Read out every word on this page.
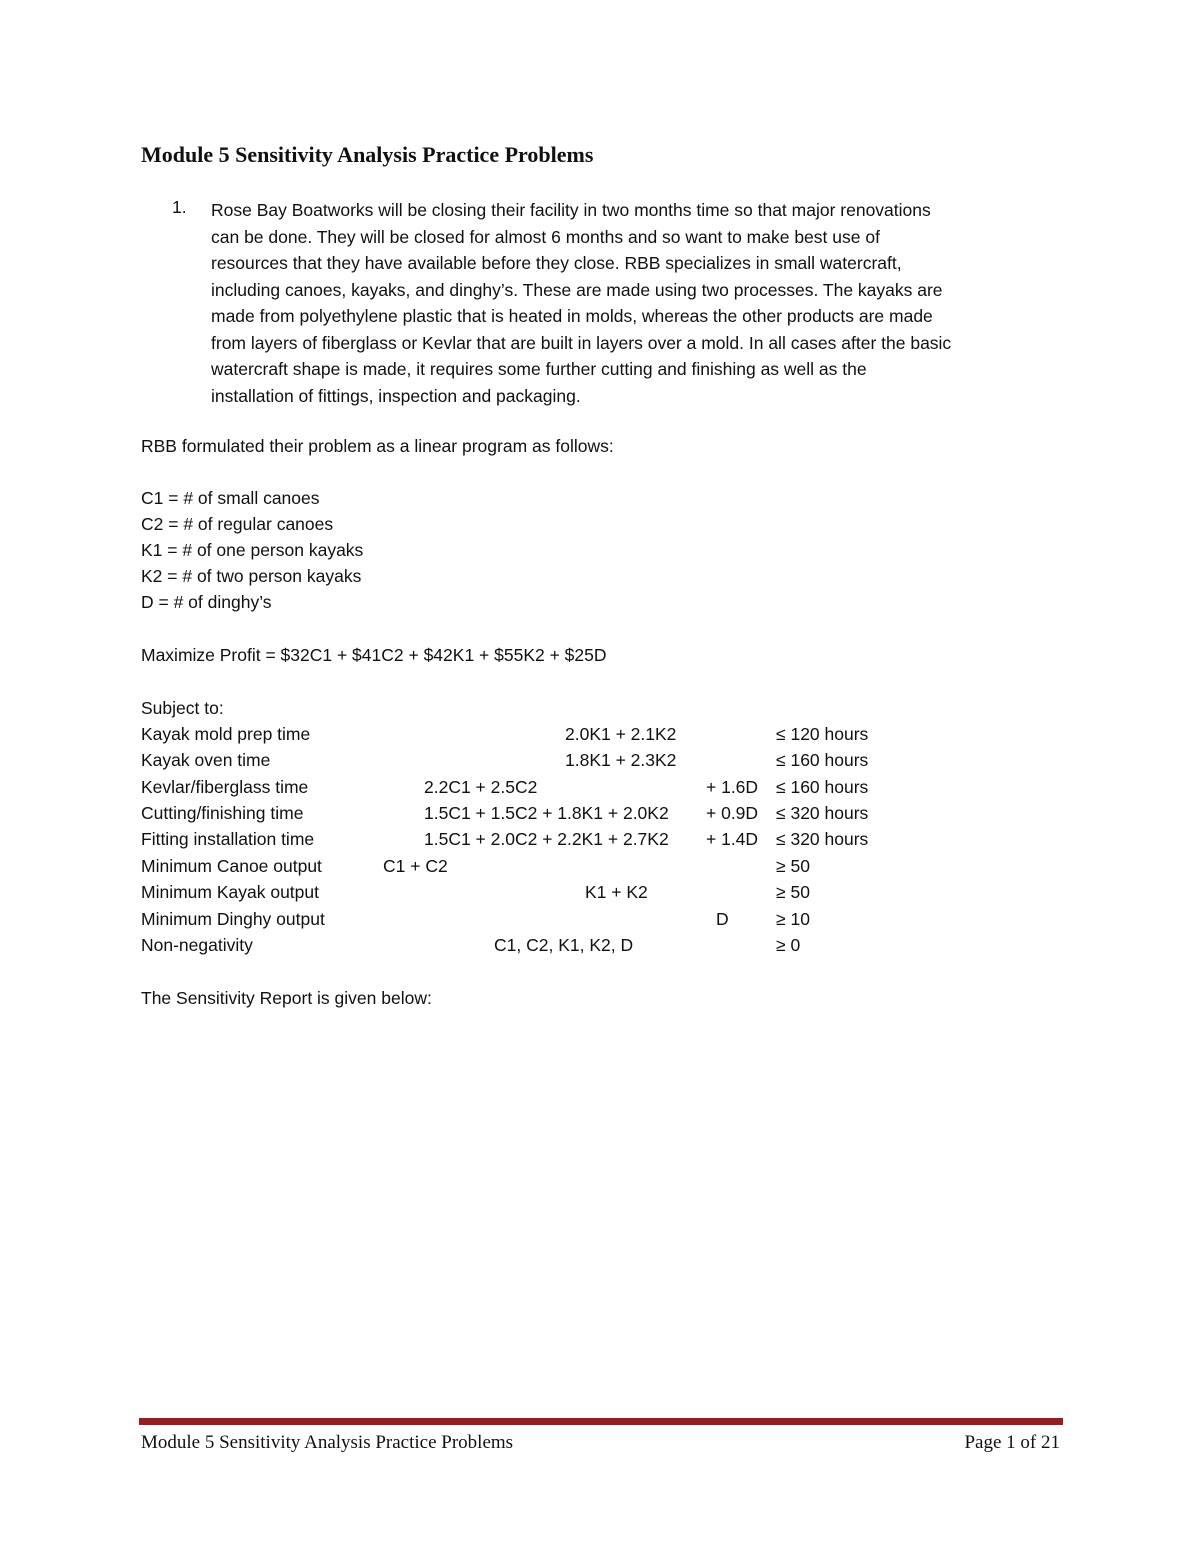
Module 5 Sensitivity Analysis Practice Problems
1. Rose Bay Boatworks will be closing their facility in two months time so that major renovations
can be done. They will be closed for almost 6 months and so want to make best use of
resources that they have available before they close. RBB specializes in small watercraft,
including canoes, kayaks, and dinghy’s. These are made using two processes. The kayaks are
made from polyethylene plastic that is heated in molds, whereas the other products are made
from layers of fiberglass or Kevlar that are built in layers over a mold. In all cases after the basic
watercraft shape is made, it requires some further cutting and finishing as well as the
installation of fittings, inspection and packaging.
RBB formulated their problem as a linear program as follows:
C1 = # of small canoes
C2 = # of regular canoes
K1 = # of one person kayaks
K2 = # of two person kayaks
D = # of dinghy’s
Maximize Profit = $32C1 + $41C2 + $42K1 + $55K2 + $25D
Subject to:
Kayak mold prep time	2.0K1 + 2.1K2	≤ 120 hours
Kayak oven time	1.8K1 + 2.3K2	≤ 160 hours
Kevlar/fiberglass time	2.2C1 + 2.5C2	+ 1.6D ≤ 160 hours
Cutting/finishing time	1.5C1 + 1.5C2 + 1.8K1 + 2.0K2 + 0.9D ≤ 320 hours
Fitting installation time	1.5C1 + 2.0C2 + 2.2K1 + 2.7K2 + 1.4D ≤ 320 hours
Minimum Canoe output	C1 + C2	≥ 50
Minimum Kayak output	K1 + K2	≥ 50
Minimum Dinghy output	D	≥ 10
Non-negativity	C1, C2, K1, K2, D	≥ 0
The Sensitivity Report is given below:
Module 5 Sensitivity Analysis Practice Problems	Page 1 of 21
